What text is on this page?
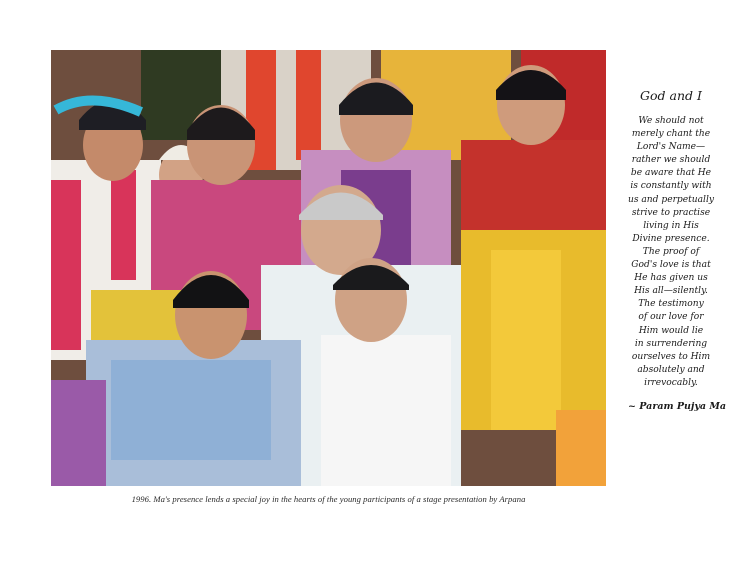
1996. Ma's presence lends a special joy in the hearts of the young participants of a stage presentation by Arpana
God and I
We should not
merely chant the
Lord's Name—
rather we should
be aware that He
is constantly with
us and perpetually
strive to practise
living in His
Divine presence.
The proof of
God's love is that
He has given us
His all—silently.
The testimony
of our love for
Him would lie
in surrendering
ourselves to Him
absolutely and
irrevocably.
~ Param Pujya Ma
